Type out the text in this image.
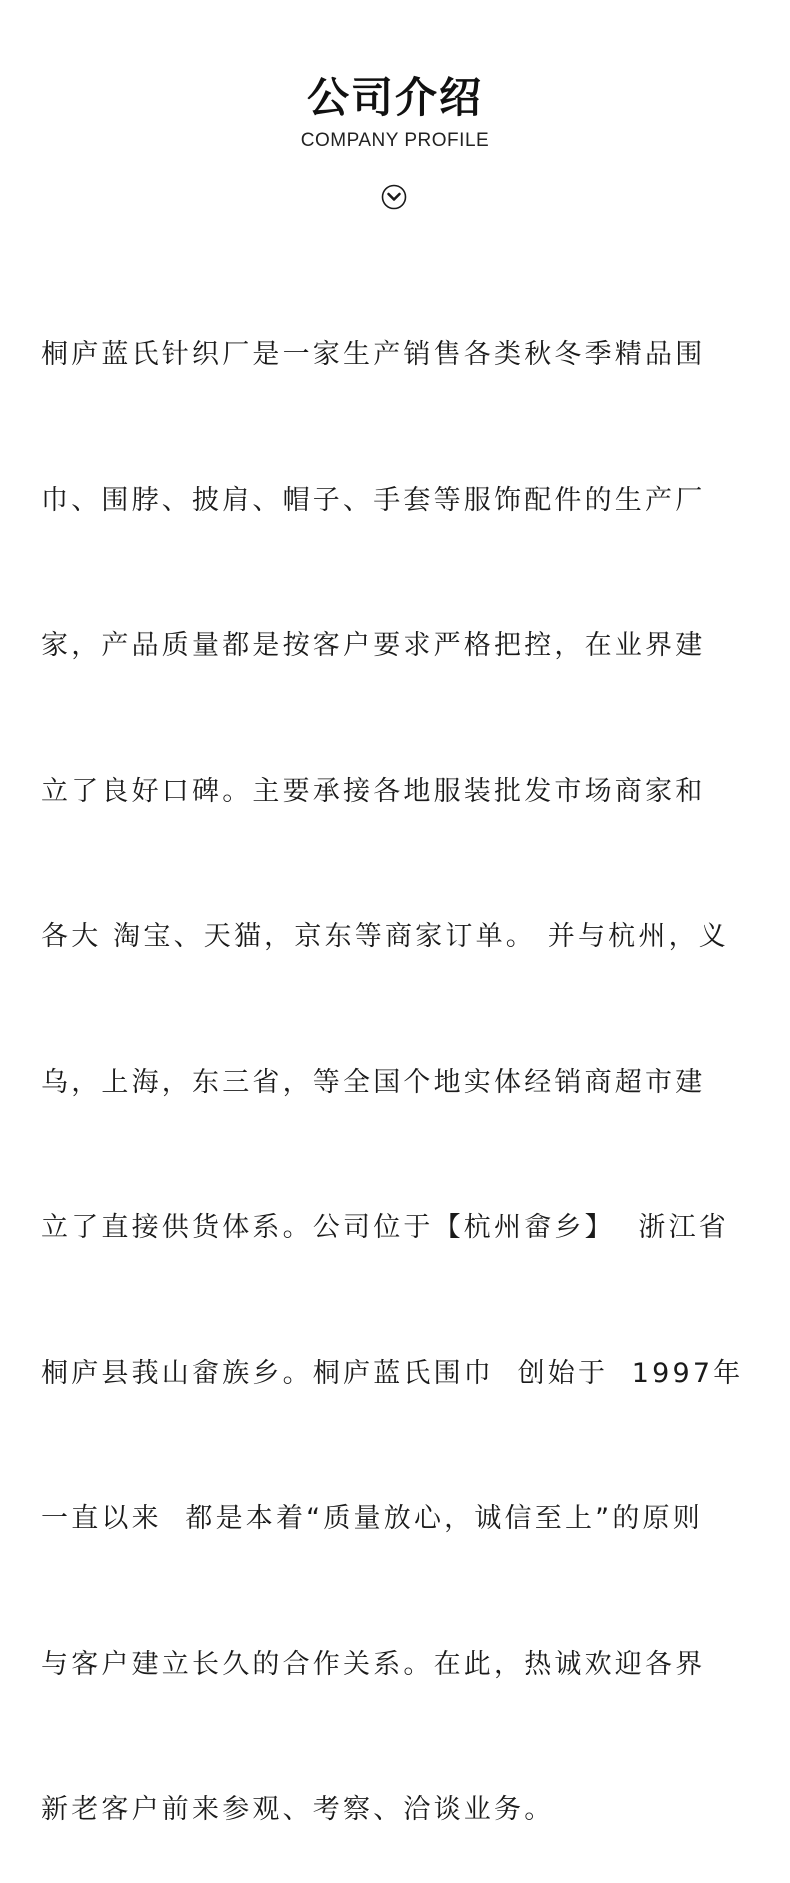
公司介绍
COMPANY PROFILE

桐庐蓝氏针织厂是一家生产销售各类秋冬季精品围

巾、围脖、披肩、帽子、手套等服饰配件的生产厂

家，产品质量都是按客户要求严格把控，在业界建

立了良好口碑。主要承接各地服装批发市场商家和

各大 淘宝、天猫，京东等商家订单。 并与杭州，义

乌，上海，东三省，等全国个地实体经销商超市建

立了直接供货体系。公司位于【杭州畲乡】  浙江省

桐庐县莪山畲族乡。桐庐蓝氏围巾  创始于  1997年

一直以来  都是本着“质量放心，诚信至上”的原则

与客户建立长久的合作关系。在此，热诚欢迎各界

新老客户前来参观、考察、洽谈业务。
